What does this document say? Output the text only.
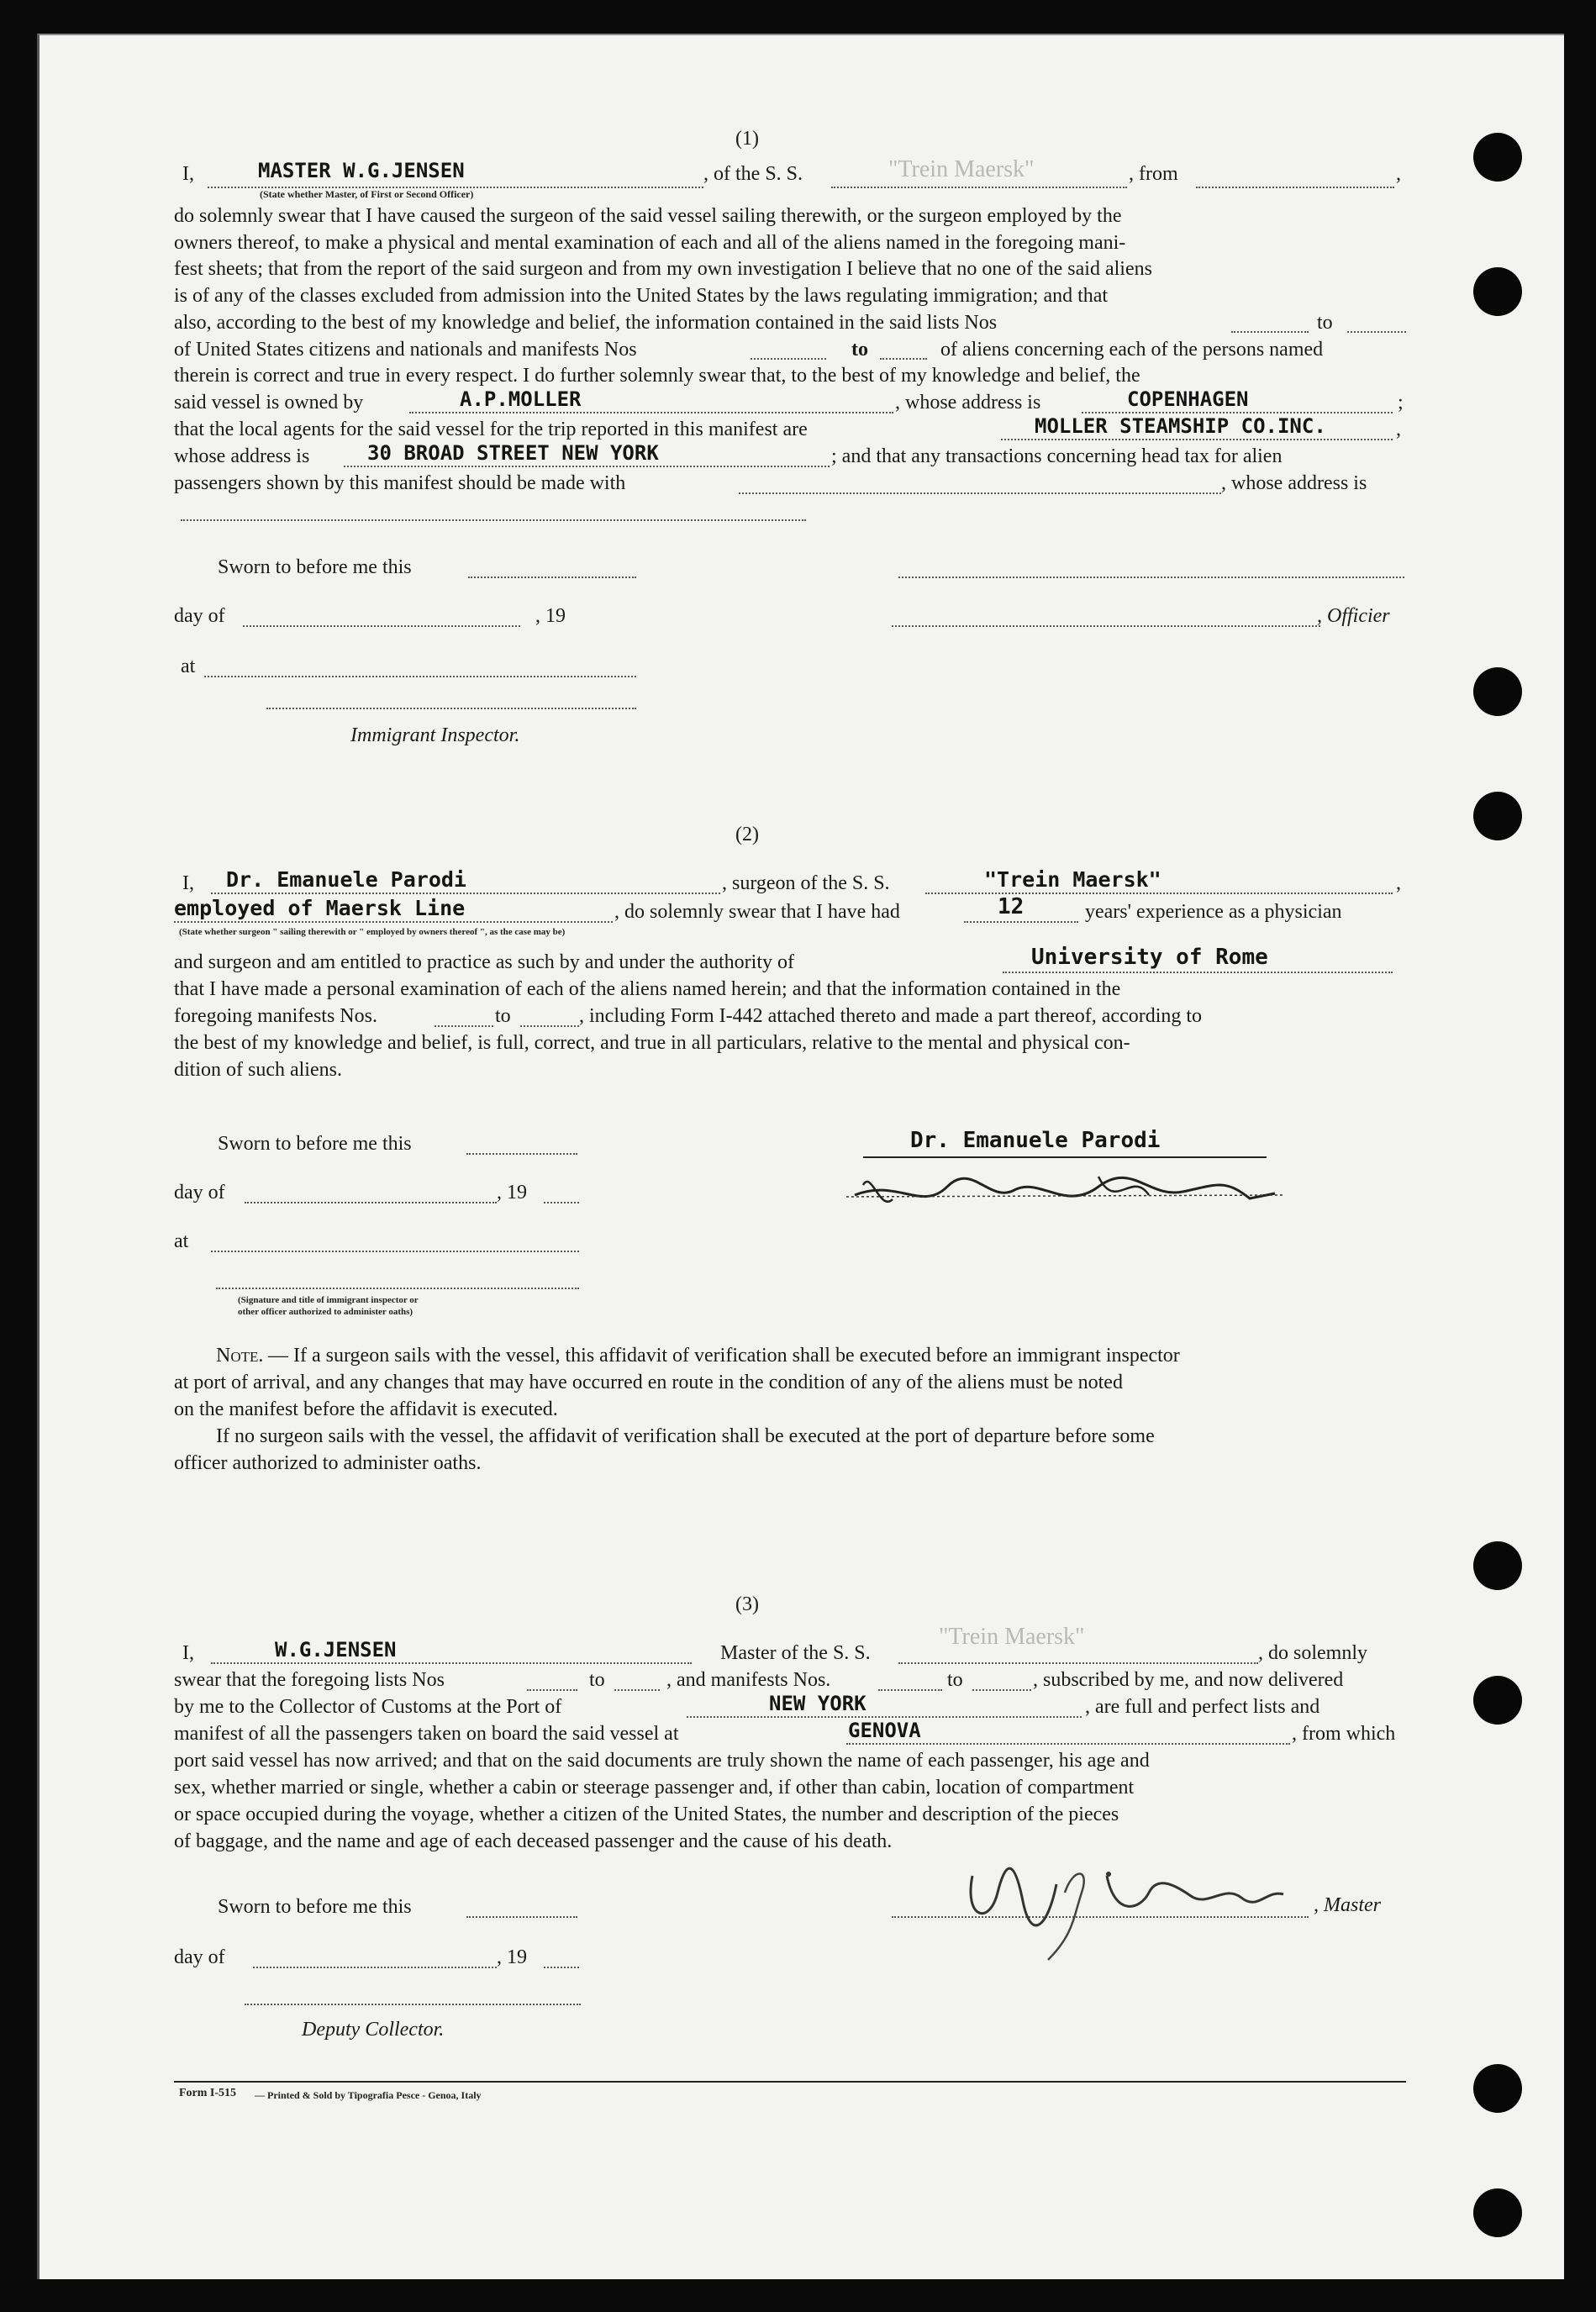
(1)
I,	MASTER W.G.JENSEN	, of the S. S.	"Tr​ein M​aersk"	, from	,
(State whether Master, of First or Second Officer)
do solemnly swear that I have caused the surgeon of the said vessel sailing therewith, or the surgeon employed by the
owners thereof, to make a physical and mental examination of each and all of the aliens named in the foregoing mani-
fest sheets; that from the report of the said surgeon and from my own investigation I believe that no one of the said aliens
is of any of the classes excluded from admission into the United States by the laws regulating immigration; and that
also, according to the best of my knowledge and belief, the information contained in the said lists Nos	to
of United States citizens and nationals and manifests Nos	to	of aliens concerning each of the persons named
therein is correct and true in every respect. I do further solemnly swear that, to the best of my knowledge and belief, the
said vessel is owned by	A.P.MOLLER	, whose address is	COPENHAGEN	;
that the local agents for the said vessel for the trip reported in this manifest are	MOLLER STEAMSHIP CO.INC.	,
whose address is	30 BROAD STREET NEW YORK	; and that any transactions concerning head tax for alien
passengers shown by this manifest should be made with	, whose address is
Sworn to before me this
day of	, 19	, Officier
at
Immigrant Inspector.
(2)
I, Dr. Emanuele Parodi	, surgeon of the S. S.	"Trein Maersk"	,
employed of Maersk Line	, do solemnly swear that I have had	12	years' experience as a physician
(State whether surgeon " sailing therewith or " employed by owners thereof ", as the case may be)
and surgeon and am entitled to practice as such by and under the authority of	University of Rome
that I have made a personal examination of each of the aliens named herein; and that the information contained in the
foregoing manifests Nos.	to	, including Form I-442 attached thereto and made a part thereof, according to
the best of my knowledge and belief, is full, correct, and true in all particulars, relative to the mental and physical con-
dition of such aliens.
Sworn to before me this
day of	, 19
at
(Signature and title of immigrant inspector or
other officer authorized to administer oaths)
Dr. Emanuele Parodi
Note. — If a surgeon sails with the vessel, this affidavit of verification shall be executed before an immigrant inspector
at port of arrival, and any changes that may have occurred en route in the condition of any of the aliens must be noted
on the manifest before the affidavit is executed.
If no surgeon sails with the vessel, the affidavit of verification shall be executed at the port of departure before some
officer authorized to administer oaths.
(3)
I,	W.G.JENSEN	Master of the S. S.
"Trein Maersk"
, do solemnly
swear that the foregoing lists Nos	to	, and manifests Nos.	to	, subscribed by me, and now delivered
by me to the Collector of Customs at the Port of	NEW YORK	, are full and perfect lists and
manifest of all the passengers taken on board the said vessel at	GENOVA	, from which
port said vessel has now arrived; and that on the said documents are truly shown the name of each passenger, his age and
sex, whether married or single, whether a cabin or steerage passenger and, if other than cabin, location of compartment
or space occupied during the voyage, whether a citizen of the United States, the number and description of the pieces
of baggage, and the name and age of each deceased passenger and the cause of his death.
Sworn to before me this	, Master
day of	, 19
Deputy Collector.
Form I-515 — Printed & Sold by Tipografia Pesce - Genoa, Italy
